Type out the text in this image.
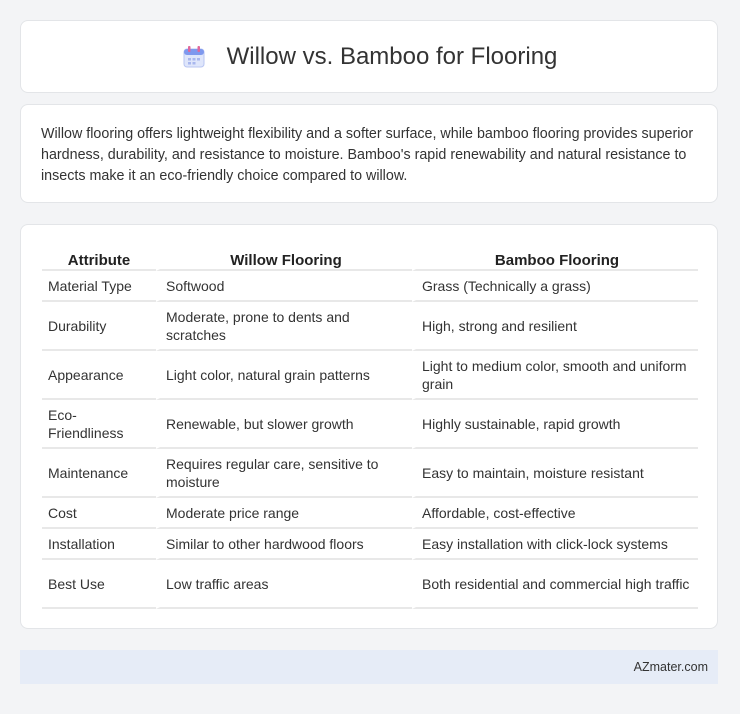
Willow vs. Bamboo for Flooring

Willow flooring offers lightweight flexibility and a softer surface, while bamboo flooring provides superior hardness, durability, and resistance to moisture. Bamboo's rapid renewability and natural resistance to insects make it an eco-friendly choice compared to willow.

Attribute	Willow Flooring	Bamboo Flooring
Material Type	Softwood	Grass (Technically a grass)
Durability	Moderate, prone to dents and scratches	High, strong and resilient
Appearance	Light color, natural grain patterns	Light to medium color, smooth and uniform grain
Eco-Friendliness	Renewable, but slower growth	Highly sustainable, rapid growth
Maintenance	Requires regular care, sensitive to moisture	Easy to maintain, moisture resistant
Cost	Moderate price range	Affordable, cost-effective
Installation	Similar to other hardwood floors	Easy installation with click-lock systems
Best Use	Low traffic areas	Both residential and commercial high traffic
AZmater.com
